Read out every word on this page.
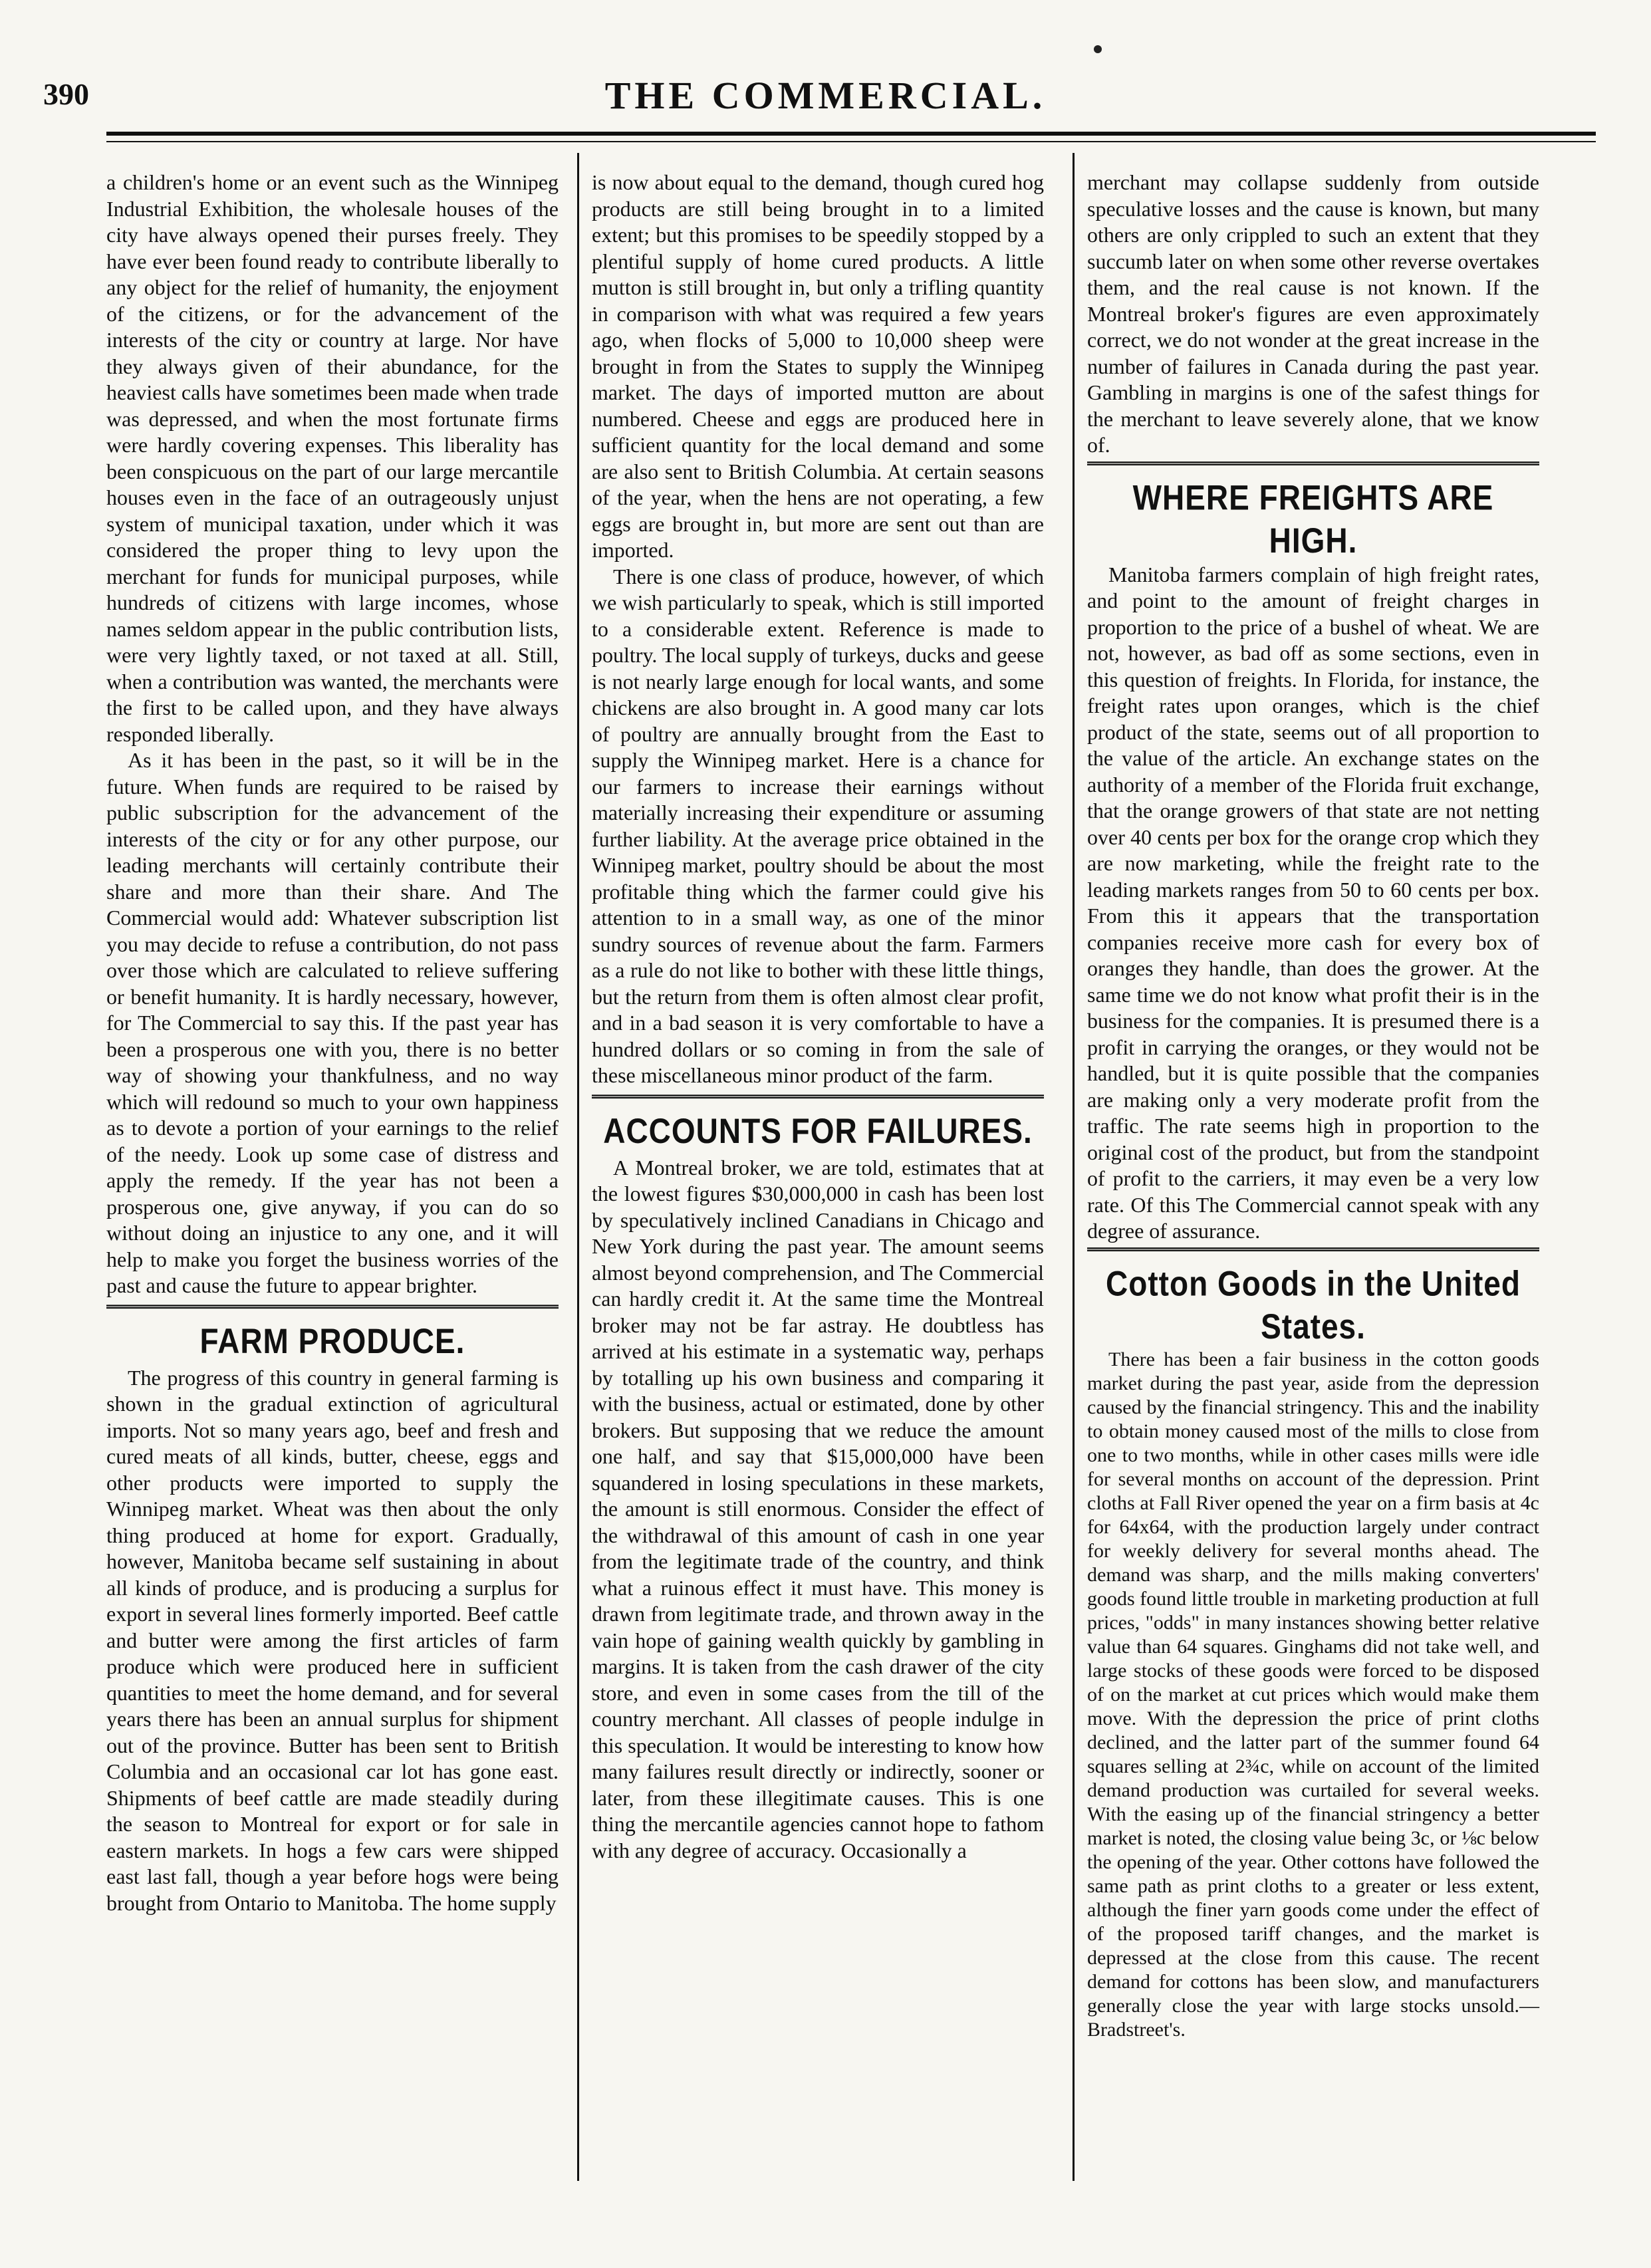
390	THE COMMERCIAL.

a children's home or an event such as the Winnipeg Industrial Exhibition, the wholesale houses of the city have always opened their purses freely. They have ever been found ready to contribute liberally to any object for the relief of humanity, the enjoyment of the citizens, or for the advancement of the interests of the city or country at large. Nor have they always given of their abundance, for the heaviest calls have sometimes been made when trade was depressed, and when the most fortunate firms were hardly covering expenses. This liberality has been conspicuous on the part of our large mercantile houses even in the face of an outrageously unjust system of municipal taxation, under which it was considered the proper thing to levy upon the merchant for funds for municipal purposes, while hundreds of citizens with large incomes, whose names seldom appear in the public contribution lists, were very lightly taxed, or not taxed at all. Still, when a contribution was wanted, the merchants were the first to be called upon, and they have always responded liberally.

As it has been in the past, so it will be in the future. When funds are required to be raised by public subscription for the advancement of the interests of the city or for any other purpose, our leading merchants will certainly contribute their share and more than their share. And The Commercial would add: Whatever subscription list you may decide to refuse a contribution, do not pass over those which are calculated to relieve suffering or benefit humanity. It is hardly necessary, however, for The Commercial to say this. If the past year has been a prosperous one with you, there is no better way of showing your thankfulness, and no way which will redound so much to your own happiness as to devote a portion of your earnings to the relief of the needy. Look up some case of distress and apply the remedy. If the year has not been a prosperous one, give anyway, if you can do so without doing an injustice to any one, and it will help to make you forget the business worries of the past and cause the future to appear brighter.

FARM PRODUCE.

The progress of this country in general farming is shown in the gradual extinction of agricultural imports. Not so many years ago, beef and fresh and cured meats of all kinds, butter, cheese, eggs and other products were imported to supply the Winnipeg market. Wheat was then about the only thing produced at home for export. Gradually, however, Manitoba became self sustaining in about all kinds of produce, and is producing a surplus for export in several lines formerly imported. Beef cattle and butter were among the first articles of farm produce which were produced here in sufficient quantities to meet the home demand, and for several years there has been an annual surplus for shipment out of the province. Butter has been sent to British Columbia and an occasional car lot has gone east. Shipments of beef cattle are made steadily during the season to Montreal for export or for sale in eastern markets. In hogs a few cars were shipped east last fall, though a year before hogs were being brought from Ontario to Manitoba. The home supply

is now about equal to the demand, though cured hog products are still being brought in to a limited extent; but this promises to be speedily stopped by a plentiful supply of home cured products. A little mutton is still brought in, but only a trifling quantity in comparison with what was required a few years ago, when flocks of 5,000 to 10,000 sheep were brought in from the States to supply the Winnipeg market. The days of imported mutton are about numbered. Cheese and eggs are produced here in sufficient quantity for the local demand and some are also sent to British Columbia. At certain seasons of the year, when the hens are not operating, a few eggs are brought in, but more are sent out than are imported.

There is one class of produce, however, of which we wish particularly to speak, which is still imported to a considerable extent. Reference is made to poultry. The local supply of turkeys, ducks and geese is not nearly large enough for local wants, and some chickens are also brought in. A good many car lots of poultry are annually brought from the East to supply the Winnipeg market. Here is a chance for our farmers to increase their earnings without materially increasing their expenditure or assuming further liability. At the average price obtained in the Winnipeg market, poultry should be about the most profitable thing which the farmer could give his attention to in a small way, as one of the minor sundry sources of revenue about the farm. Farmers as a rule do not like to bother with these little things, but the return from them is often almost clear profit, and in a bad season it is very comfortable to have a hundred dollars or so coming in from the sale of these miscellaneous minor product of the farm.

ACCOUNTS FOR FAILURES.

A Montreal broker, we are told, estimates that at the lowest figures $30,000,000 in cash has been lost by speculatively inclined Canadians in Chicago and New York during the past year. The amount seems almost beyond comprehension, and The Commercial can hardly credit it. At the same time the Montreal broker may not be far astray. He doubtless has arrived at his estimate in a systematic way, perhaps by totalling up his own business and comparing it with the business, actual or estimated, done by other brokers. But supposing that we reduce the amount one half, and say that $15,000,000 have been squandered in losing speculations in these markets, the amount is still enormous. Consider the effect of the withdrawal of this amount of cash in one year from the legitimate trade of the country, and think what a ruinous effect it must have. This money is drawn from legitimate trade, and thrown away in the vain hope of gaining wealth quickly by gambling in margins. It is taken from the cash drawer of the city store, and even in some cases from the till of the country merchant. All classes of people indulge in this speculation. It would be interesting to know how many failures result directly or indirectly, sooner or later, from these illegitimate causes. This is one thing the mercantile agencies cannot hope to fathom with any degree of accuracy. Occasionally a

merchant may collapse suddenly from outside speculative losses and the cause is known, but many others are only crippled to such an extent that they succumb later on when some other reverse overtakes them, and the real cause is not known. If the Montreal broker's figures are even approximately correct, we do not wonder at the great increase in the number of failures in Canada during the past year. Gambling in margins is one of the safest things for the merchant to leave severely alone, that we know of.

WHERE FREIGHTS ARE HIGH.

Manitoba farmers complain of high freight rates, and point to the amount of freight charges in proportion to the price of a bushel of wheat. We are not, however, as bad off as some sections, even in this question of freights. In Florida, for instance, the freight rates upon oranges, which is the chief product of the state, seems out of all proportion to the value of the article. An exchange states on the authority of a member of the Florida fruit exchange, that the orange growers of that state are not netting over 40 cents per box for the orange crop which they are now marketing, while the freight rate to the leading markets ranges from 50 to 60 cents per box. From this it appears that the transportation companies receive more cash for every box of oranges they handle, than does the grower. At the same time we do not know what profit their is in the business for the companies. It is presumed there is a profit in carrying the oranges, or they would not be handled, but it is quite possible that the companies are making only a very moderate profit from the traffic. The rate seems high in proportion to the original cost of the product, but from the standpoint of profit to the carriers, it may even be a very low rate. Of this The Commercial cannot speak with any degree of assurance.

Cotton Goods in the United States.

There has been a fair business in the cotton goods market during the past year, aside from the depression caused by the financial stringency. This and the inability to obtain money caused most of the mills to close from one to two months, while in other cases mills were idle for several months on account of the depression. Print cloths at Fall River opened the year on a firm basis at 4c for 64x64, with the production largely under contract for weekly delivery for several months ahead. The demand was sharp, and the mills making converters' goods found little trouble in marketing production at full prices, "odds" in many instances showing better relative value than 64 squares. Ginghams did not take well, and large stocks of these goods were forced to be disposed of on the market at cut prices which would make them move. With the depression the price of print cloths declined, and the latter part of the summer found 64 squares selling at 2¾c, while on account of the limited demand production was curtailed for several weeks. With the easing up of the financial stringency a better market is noted, the closing value being 3c, or ⅛c below the opening of the year. Other cottons have followed the same path as print cloths to a greater or less extent, although the finer yarn goods come under the effect of of the proposed tariff changes, and the market is depressed at the close from this cause. The recent demand for cottons has been slow, and manufacturers generally close the year with large stocks unsold.—Bradstreet's.
